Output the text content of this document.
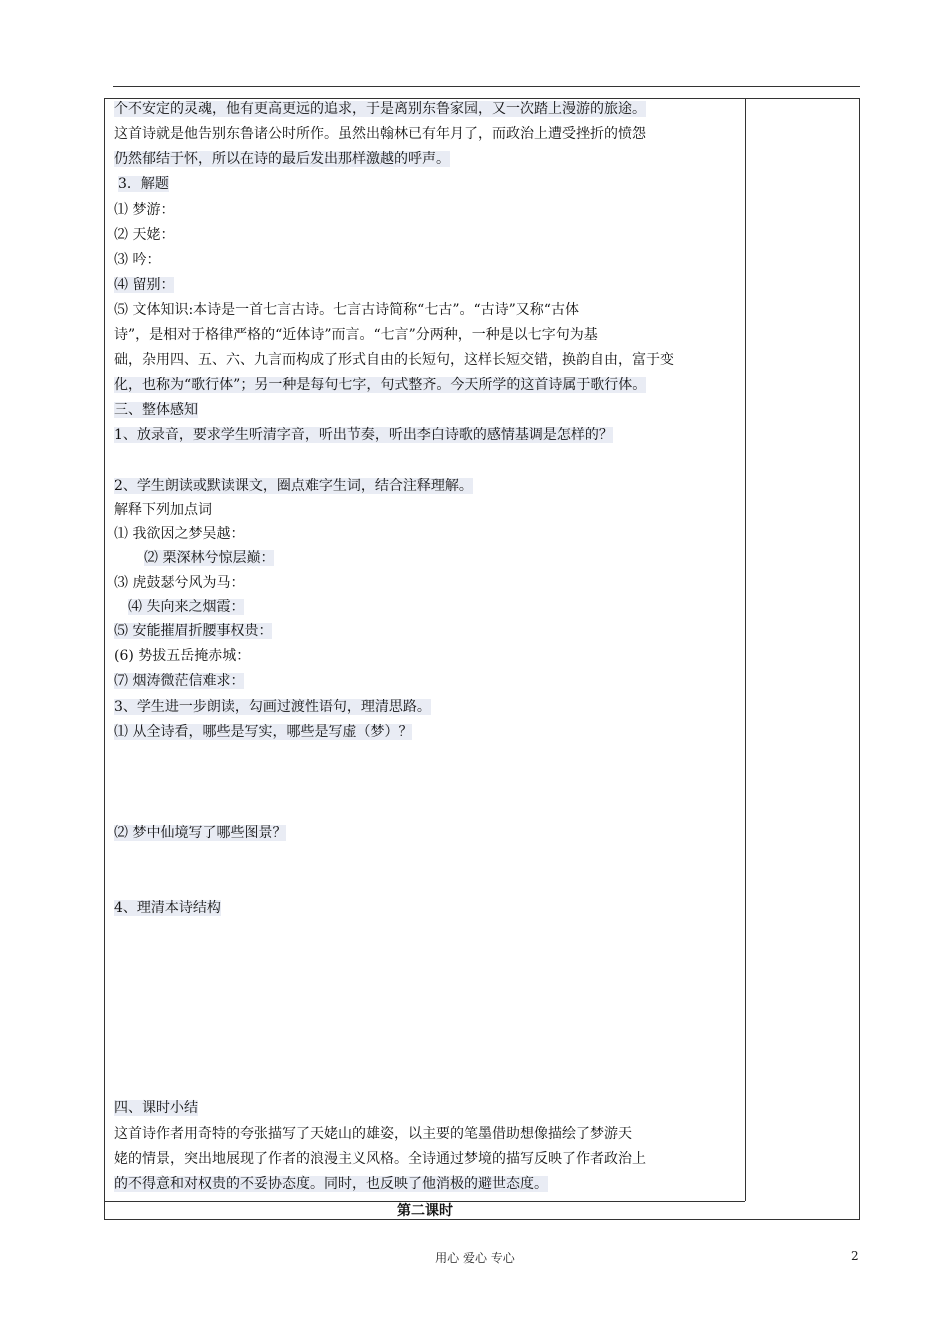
个不安定的灵魂，他有更高更远的追求，于是离别东鲁家园，又一次踏上漫游的旅途。
这首诗就是他告别东鲁诸公时所作。虽然出翰林已有年月了，而政治上遭受挫折的愤怨
仍然郁结于怀，所以在诗的最后发出那样激越的呼声。 
3．解题 
⑴ 梦游：
⑵ 天姥：
⑶ 吟：
⑷ 留别： 
⑸ 文体知识:本诗是一首七言古诗。七言古诗简称“七古”。“古诗”又称“古体
诗”，是相对于格律严格的“近体诗”而言。“七言”分两种，一种是以七字句为基
础，杂用四、五、六、九言而构成了形式自由的长短句，这样长短交错，换韵自由，富于变
化，也称为“歌行体”；另一种是每句七字，句式整齐。今天所学的这首诗属于歌行体。 
三、整体感知  
1、放录音，要求学生听清字音，听出节奏，听出李白诗歌的感情基调是怎样的？ 
2、学生朗读或默读课文，圈点难字生词，结合注释理解。 
解释下列加点词
⑴ 我欲因之梦吴越：
⑵ 栗深林兮惊层巅：  
⑶ 虎鼓瑟兮风为马：
⑷ 失向来之烟霞：  
⑸ 安能摧眉折腰事权贵：        
(6) 势拔五岳掩赤城：
⑺ 烟涛微茫信难求： 
3、学生进一步朗读，勾画过渡性语句，理清思路。 
⑴ 从全诗看，哪些是写实，哪些是写虚（梦）？ 
⑵ 梦中仙境写了哪些图景？ 
4、理清本诗结构 
四、课时小结  
这首诗作者用奇特的夸张描写了天姥山的雄姿，以主要的笔墨借助想像描绘了梦游天
姥的情景，突出地展现了作者的浪漫主义风格。全诗通过梦境的描写反映了作者政治上
的不得意和对权贵的不妥协态度。同时，也反映了他消极的避世态度。 
第二课时
用心 爱心 专心	2
